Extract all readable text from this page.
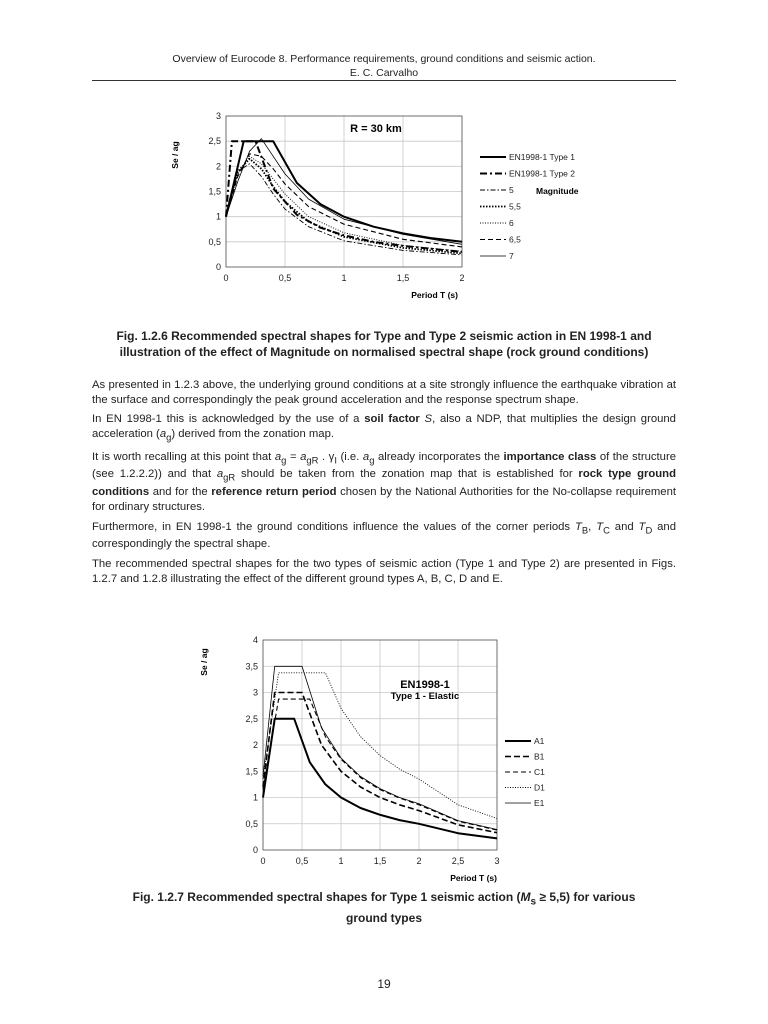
Overview of Eurocode 8. Performance requirements, ground conditions and seismic action.
E. C. Carvalho
0	0,5	1	1,5	2
0
0,5
1
1,5
2
2,5
3
R = 30 km
Period T (s)
Se / ag	EN1998-1 Type 1
EN1998-1 Type 2
5
5,5
6
6,5
7
Magnitude
Fig. 1.2.6 Recommended spectral shapes for Type and Type 2 seismic action in EN 1998-1 and
illustration of the effect of Magnitude on normalised spectral shape (rock ground conditions)

As presented in 1.2.3 above, the underlying ground conditions at a site strongly influence the earthquake vibration at the surface and correspondingly the peak ground acceleration and the response spectrum shape.

In EN 1998-1 this is acknowledged by the use of a soil factor S, also a NDP, that multiplies the design ground acceleration $(a_g)$ derived from the zonation map.

It is worth recalling at this point that $a_g = a_{gR}$ . $\gamma_I$ (i.e. $a_g$ already incorporates the importance class of the structure (see 1.2.2.2)) and that $a_{gR}$ should be taken from the zonation map that is established for rock type ground conditions and for the reference return period chosen by the National Authorities for the No-collapse requirement for ordinary structures.

Furthermore, in EN 1998-1 the ground conditions influence the values of the corner periods $T_B$, $T_C$ and $T_D$ and correspondingly the spectral shape.

The recommended spectral shapes for the two types of seismic action (Type 1 and Type 2) are presented in Figs. 1.2.7 and 1.2.8 illustrating the effect of the different ground types A, B, C, D and E.

0	0,5	1	1,5	2	2,5	3
0
0,5
1
1,5
2
2,5
3
3,5
4
EN1998-1
Type 1 - Elastic
Period T (s)
Se / ag
A1
B1
C1
D1
E1
Fig. 1.2.7 Recommended spectral shapes for Type 1 seismic action $(M_s \ge 5,5)$ for various
ground types
19
